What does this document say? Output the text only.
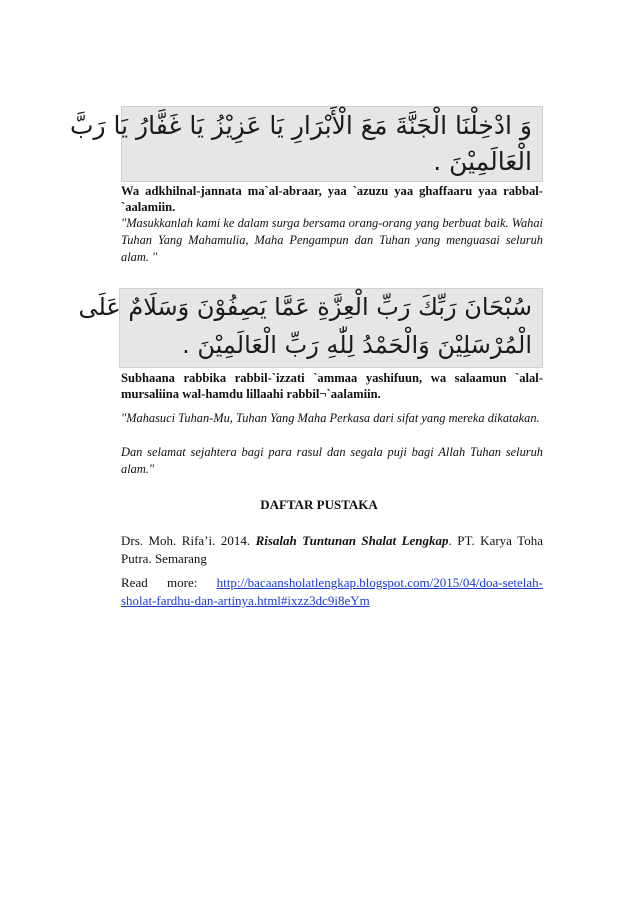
وَ ادْخِلْنَا الْجَنَّةَ مَعَ الْأَبْرَارِ يَا عَزِيْزُ يَا غَفَّارُ يَا رَبَّ
الْعَالَمِيْنَ .
Wa adkhilnal-jannata ma`al-abraar, yaa `azuzu yaa ghaffaaru yaa rabbal-`aalamiin.
"Masukkanlah kami ke dalam surga bersama orang-orang yang berbuat baik. Wahai Tuhan Yang Mahamulia, Maha Pengampun dan Tuhan yang menguasai seluruh alam. "
سُبْحَانَ رَبِّكَ رَبِّ الْعِزَّةِ عَمَّا يَصِفُوْنَ وَسَلَامٌ عَلَى
الْمُرْسَلِيْنَ وَالْحَمْدُ لِلّٰهِ رَبِّ الْعَالَمِيْنَ .
Subhaana rabbika rabbil-`izzati `ammaa yashifuun, wa salaamun `alal-mursaliina wal-hamdu lillaahi rabbil¬`aalamiin.
"Mahasuci Tuhan-Mu, Tuhan Yang Maha Perkasa dari sifat yang mereka dikatakan.
Dan selamat sejahtera bagi para rasul dan segala puji bagi Allah Tuhan seluruh alam."
DAFTAR PUSTAKA
Drs. Moh. Rifa’i. 2014. Risalah Tuntunan Shalat Lengkap. PT. Karya Toha Putra. Semarang
Read more: http://bacaansholatlengkap.blogspot.com/2015/04/doa-setelah-sholat-fardhu-dan-artinya.html#ixzz3dc9i8eYm
